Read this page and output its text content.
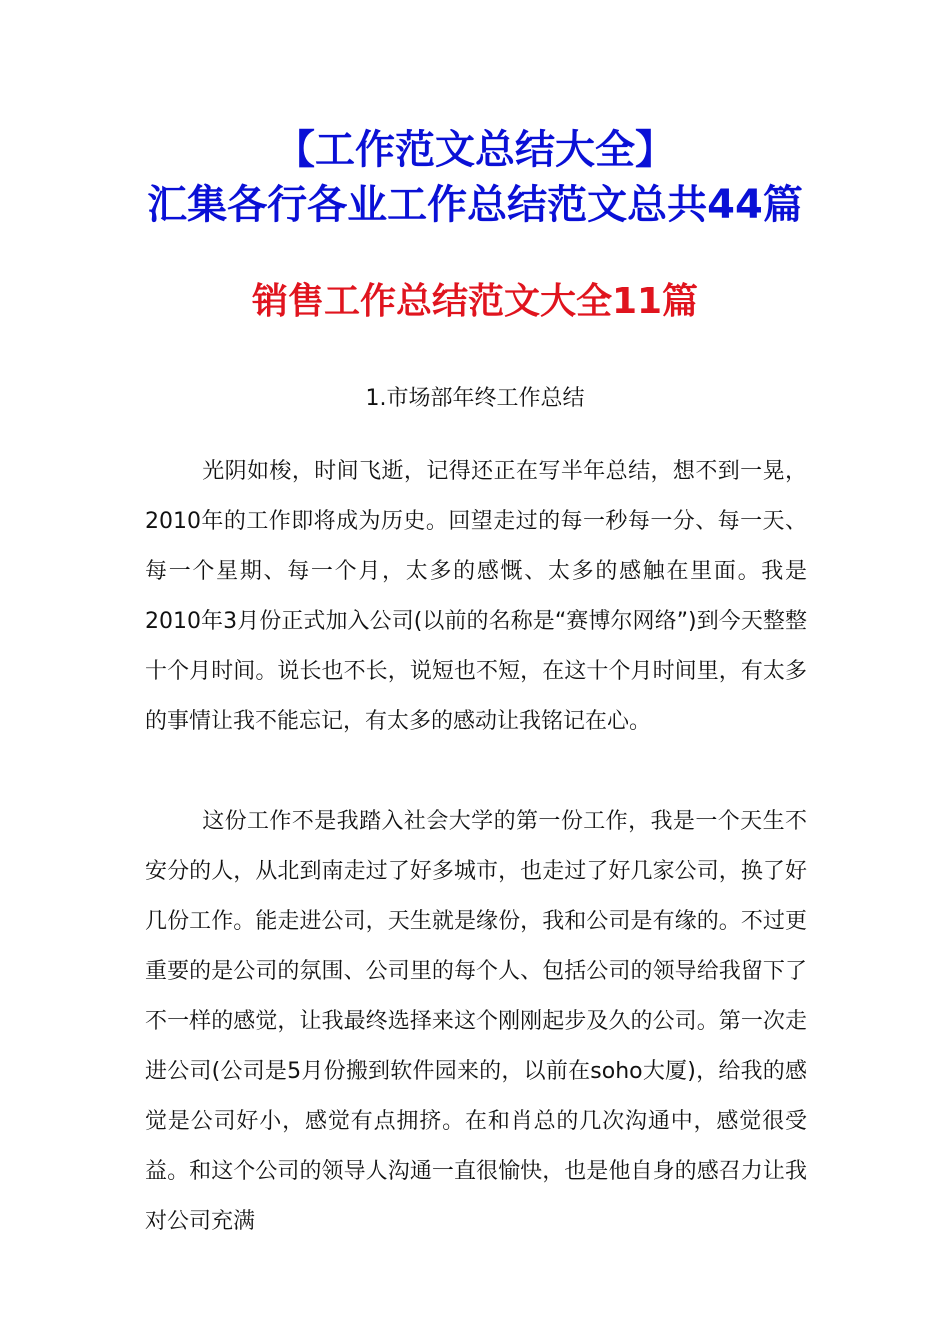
【工作范文总结大全】
汇集各行各业工作总结范文总共44篇
销售工作总结范文大全11篇
1.市场部年终工作总结

光阴如梭，时间飞逝，记得还正在写半年总结，想不到一晃，2010年的工作即将成为历史。回望走过的每一秒每一分、每一天、每一个星期、每一个月，太多的感慨、太多的感触在里面。我是2010年3月份正式加入公司(以前的名称是“赛博尔网络”)到今天整整十个月时间。说长也不长，说短也不短，在这十个月时间里，有太多的事情让我不能忘记，有太多的感动让我铭记在心。

这份工作不是我踏入社会大学的第一份工作，我是一个天生不安分的人，从北到南走过了好多城市，也走过了好几家公司，换了好几份工作。能走进公司，天生就是缘份，我和公司是有缘的。不过更重要的是公司的氛围、公司里的每个人、包括公司的领导给我留下了不一样的感觉，让我最终选择来这个刚刚起步及久的公司。第一次走进公司(公司是5月份搬到软件园来的，以前在soho大厦)，给我的感觉是公司好小，感觉有点拥挤。在和肖总的几次沟通中，感觉很受益。和这个公司的领导人沟通一直很愉快，也是他自身的感召力让我对公司充满
